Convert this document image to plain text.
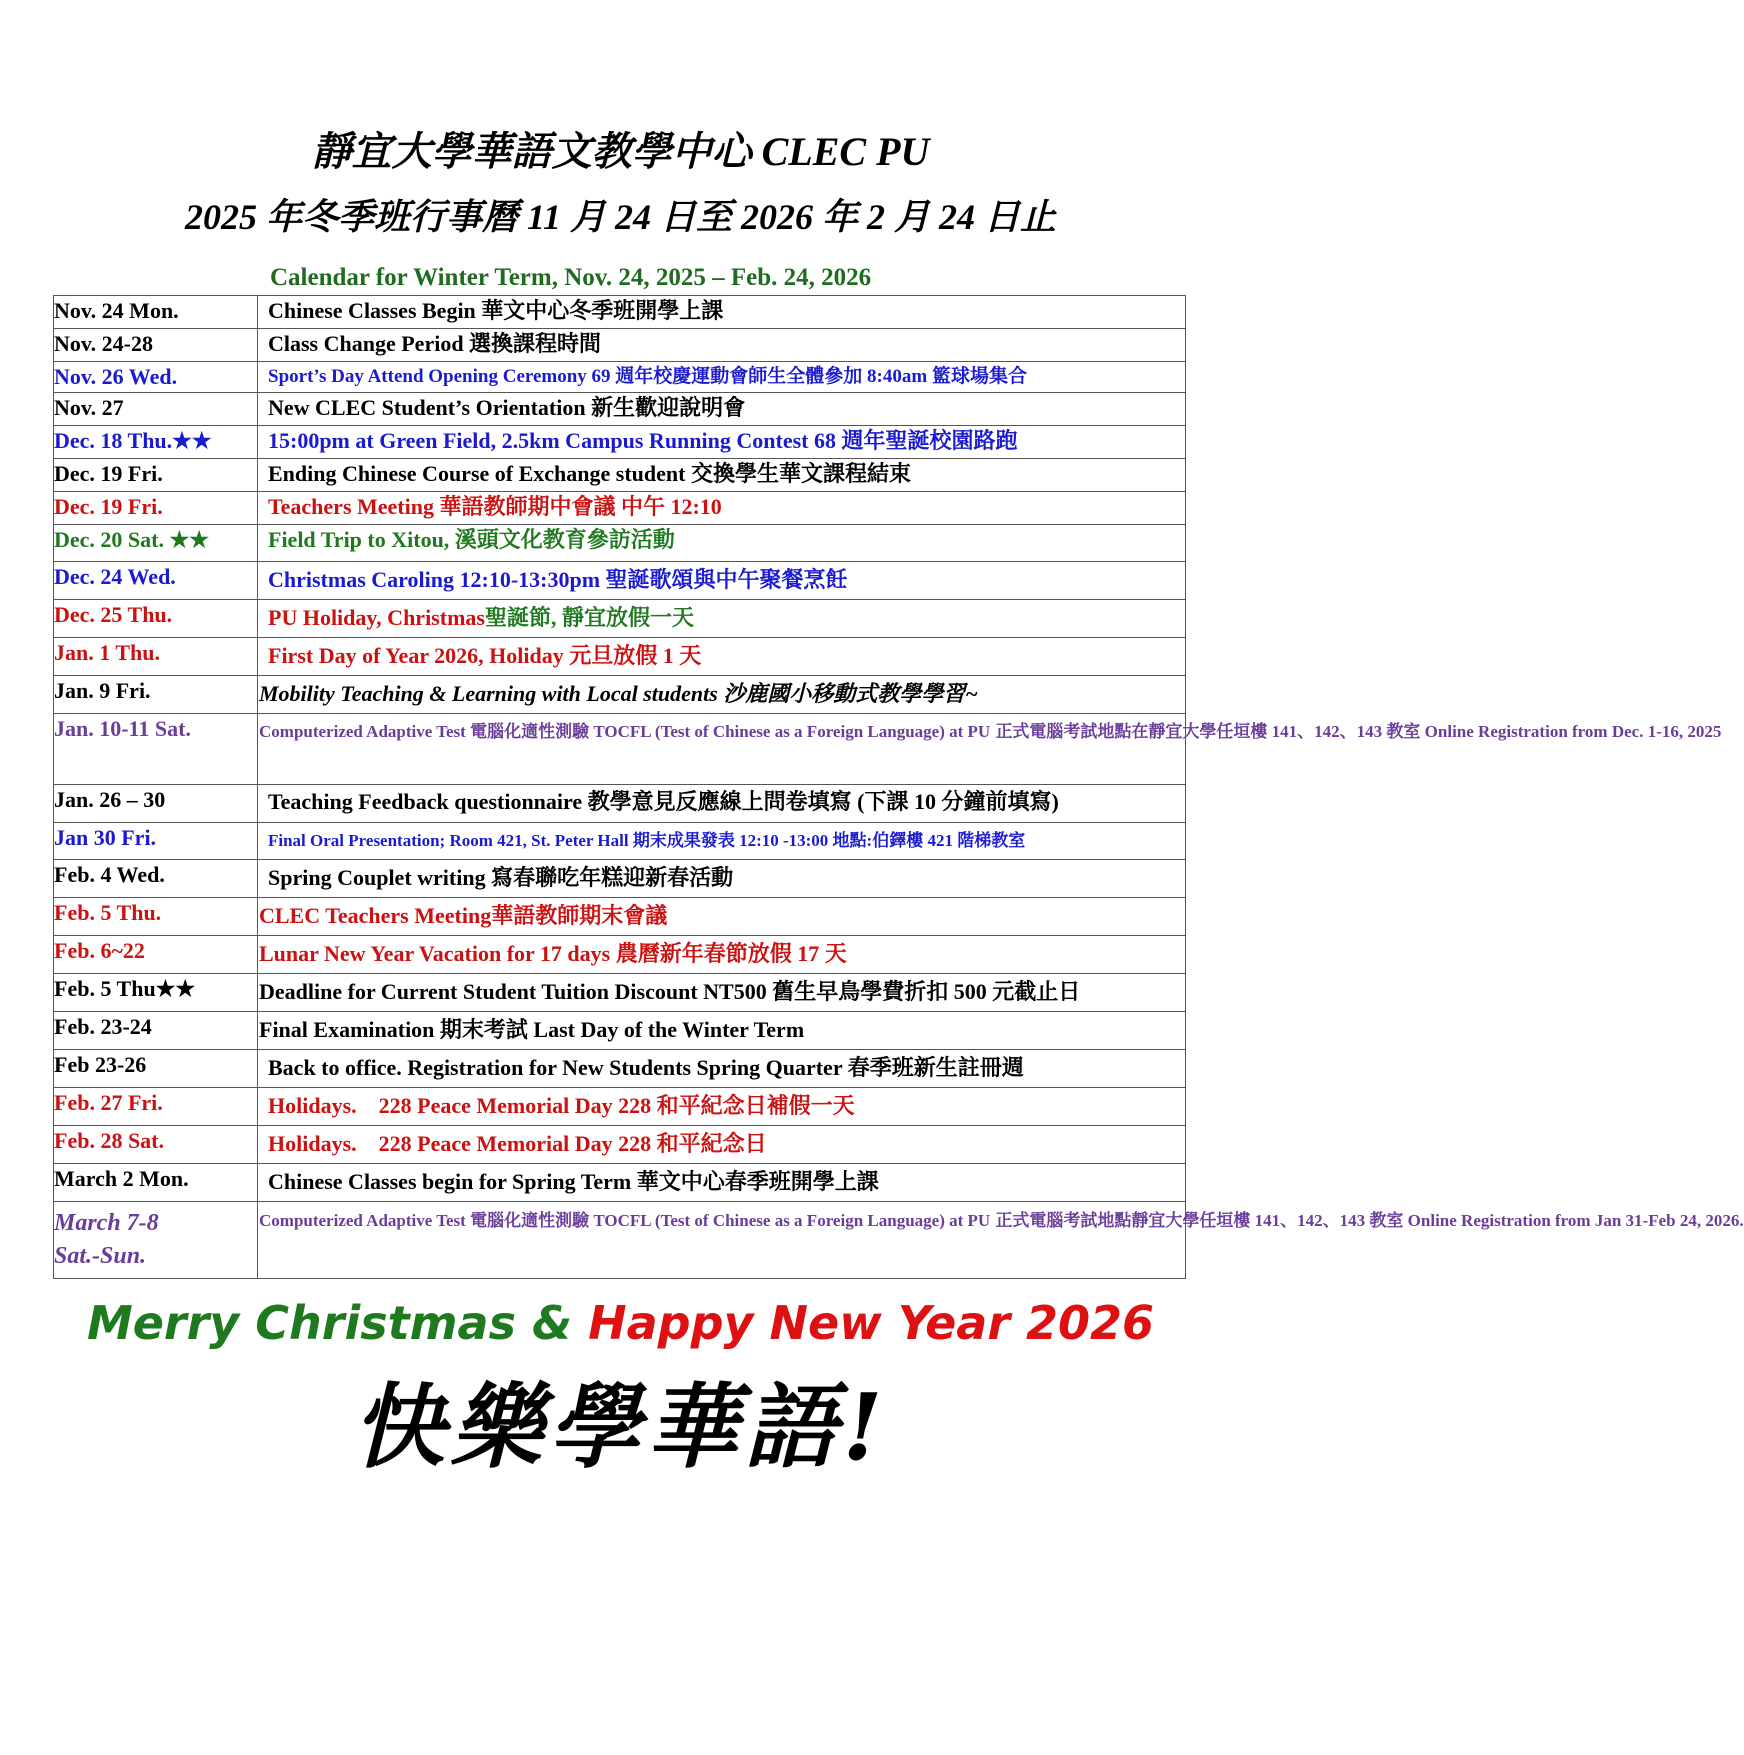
靜宜大學華語文教學中心 CLEC PU
2025 年冬季班行事曆 11 月 24 日至 2026 年 2 月 24 日止
Calendar for Winter Term, Nov. 24, 2025 – Feb. 24, 2026
Nov. 24 Mon.	Chinese Classes Begin 華文中心冬季班開學上課
Nov. 24-28	Class Change Period 選換課程時間
Nov. 26 Wed.	Sport’s Day Attend Opening Ceremony 69 週年校慶運動會師生全體參加 8:40am 籃球場集合
Nov. 27	New CLEC Student’s Orientation 新生歡迎說明會
Dec. 18 Thu.★★	15:00pm at Green Field, 2.5km Campus Running Contest 68 週年聖誕校園路跑
Dec. 19 Fri.	Ending Chinese Course of Exchange student 交換學生華文課程結束
Dec. 19 Fri.	Teachers Meeting 華語教師期中會議 中午 12:10
Dec. 20 Sat. ★★	Field Trip to Xitou, 溪頭文化教育參訪活動
Dec. 24 Wed.	Christmas Caroling 12:10-13:30pm 聖誕歌頌與中午聚餐烹飪
Dec. 25 Thu.	PU Holiday, Christmas聖誕節, 靜宜放假一天
Jan. 1 Thu.	First Day of Year 2026, Holiday 元旦放假 1 天
Jan. 9 Fri.	Mobility Teaching & Learning with Local students 沙鹿國小移動式教學學習~
Jan. 10-11 Sat.	Computerized Adaptive Test 電腦化適性測驗 TOCFL (Test of Chinese as a Foreign Language) at PU 正式電腦考試地點在靜宜大學任垣樓 141、142、143 教室 Online Registration from Dec. 1-16, 2025
Jan. 26 – 30	Teaching Feedback questionnaire 教學意見反應線上問卷填寫 (下課 10 分鐘前填寫)
Jan 30 Fri.	Final Oral Presentation; Room 421, St. Peter Hall 期末成果發表 12:10 -13:00 地點:伯鐸樓 421 階梯教室
Feb. 4 Wed.	Spring Couplet writing 寫春聯吃年糕迎新春活動
Feb. 5 Thu.	CLEC Teachers Meeting華語教師期末會議
Feb. 6~22	Lunar New Year Vacation for 17 days 農曆新年春節放假 17 天
Feb. 5 Thu★★	Deadline for Current Student Tuition Discount NT500 舊生早鳥學費折扣 500 元截止日
Feb. 23-24	Final Examination 期末考試 Last Day of the Winter Term
Feb 23-26	Back to office. Registration for New Students Spring Quarter 春季班新生註冊週
Feb. 27 Fri.	Holidays.    228 Peace Memorial Day 228 和平紀念日補假一天
Feb. 28 Sat.	Holidays.    228 Peace Memorial Day 228 和平紀念日
March 2 Mon.	Chinese Classes begin for Spring Term 華文中心春季班開學上課

March 7-8
Sat.-Sun.	Computerized Adaptive Test 電腦化適性測驗 TOCFL (Test of Chinese as a Foreign Language) at PU 正式電腦考試地點靜宜大學任垣樓 141、142、143 教室 Online Registration from Jan 31-Feb 24, 2026.
Merry Christmas & Happy New Year 2026
快樂學華語!
